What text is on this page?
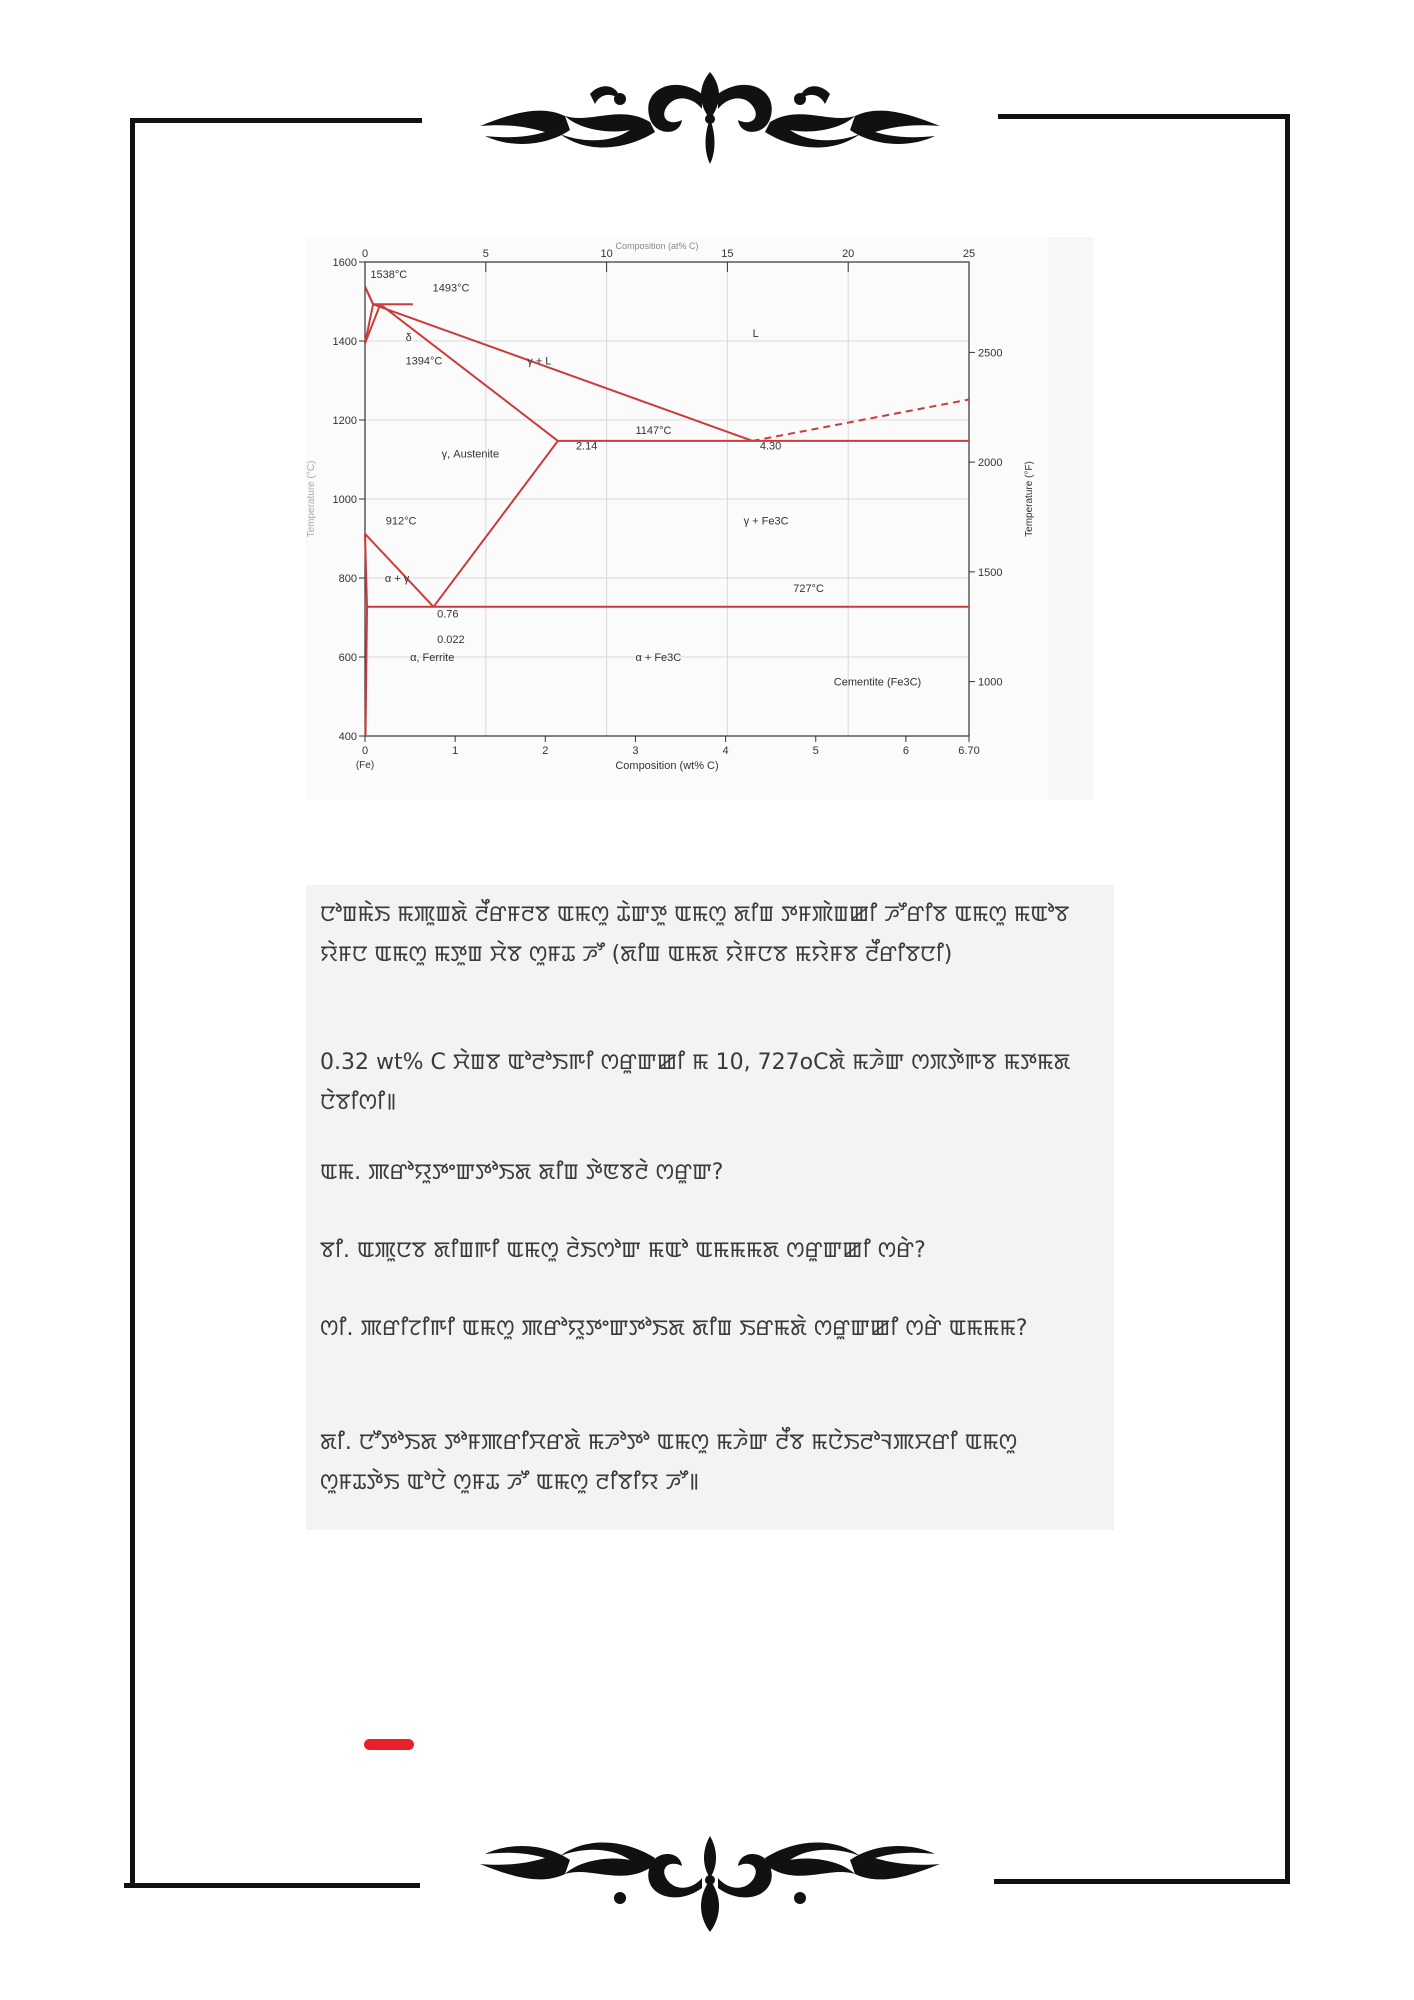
0	5	10	15	20	25
1600
1400
1200
1000
800
600
400
0	1	2	3	4	5	6	6.70
(Fe)	Composition (wt% C)
Composition (at% C)
2500
2000
1500
1000
Temperature (°F)
Temperature (°C)
1538°C
1493°C
δ
1394°C	γ + L
L
1147°C
2.14	4.30
γ, Austenite
912°C	γ + Fe3C
727°C
α + γ
0.76
0.022
α, Ferrite	α + Fe3C
Cementite (Fe3C)
ꯅꯣꯡꯃꯥꯏ ꯃꯄꯨꯡꯗꯥ ꯂꯩꯔꯝꯂꯕ ꯑꯃꯁꯨ ꯊꯥꯛꯇꯨ ꯑꯃꯁꯨ ꯗꯤꯡ ꯇꯝꯄꯥꯡꯀꯤ ꯍꯧꯔꯤꯕ ꯑꯃꯁꯨ ꯃꯑꯣꯕ ꯌꯥꯝꯅ ꯑꯃꯁꯨ ꯃꯇꯨꯡ ꯆꯥꯕ ꯁꯨꯝꯊ ꯍꯧ (ꯗꯤꯡ ꯑꯃꯗ ꯌꯥꯝꯅꯕ ꯃꯌꯥꯝꯕ ꯂꯩꯔꯤꯕꯅꯤ)
0.32 wt% C ꯆꯥꯡꯕ ꯑꯣꯂꯣꯏꯒꯤ ꯁꯔꯨꯛꯀꯤ ꯃ 10, 727oCꯗꯥ ꯃꯍꯥꯛ ꯁꯞꯇꯥꯒꯕ ꯃꯇꯃꯗ ꯅꯥꯕꯤꯁꯤ꯫
ꯑꯃ. ꯄꯔꯣꯌꯨꯇꯦꯛꯇꯣꯏꯗ ꯗꯤꯡ ꯇꯥꯟꯕꯂꯥ ꯁꯔꯨꯛ?
ꯕꯤ. ꯑꯄꯨꯅꯕ ꯗꯤꯡꯒꯤ ꯑꯃꯁꯨ ꯂꯥꯏꯁꯣꯛ ꯃꯑꯣ ꯑꯃꯃꯃꯗ ꯁꯔꯨꯛꯀꯤ ꯁꯔꯥ?
ꯁꯤ. ꯄꯔꯤꯖꯤꯒꯤ ꯑꯃꯁꯨ ꯄꯔꯣꯌꯨꯇꯦꯛꯇꯣꯏꯗ ꯗꯤꯡ ꯏꯔꯃꯗꯥ ꯁꯔꯨꯛꯀꯤ ꯁꯔꯥ ꯑꯃꯃꯃ?
ꯗꯤ. ꯅꯧꯇꯣꯏꯗ ꯇꯣꯝꯄꯔꯤꯆꯔꯗꯥ ꯃꯍꯣꯇꯣ ꯑꯃꯁꯨ ꯃꯍꯥꯛ ꯂꯩꯕ ꯃꯅꯥꯏꯂꯣꯜꯄꯆꯔꯤ ꯑꯃꯁꯨ ꯁꯨꯝꯊꯇꯥꯏ ꯑꯣꯅꯥ ꯁꯨꯝꯊ ꯍꯧ ꯑꯃꯁꯨ ꯂꯤꯕꯤꯌ ꯍꯧ꯫
